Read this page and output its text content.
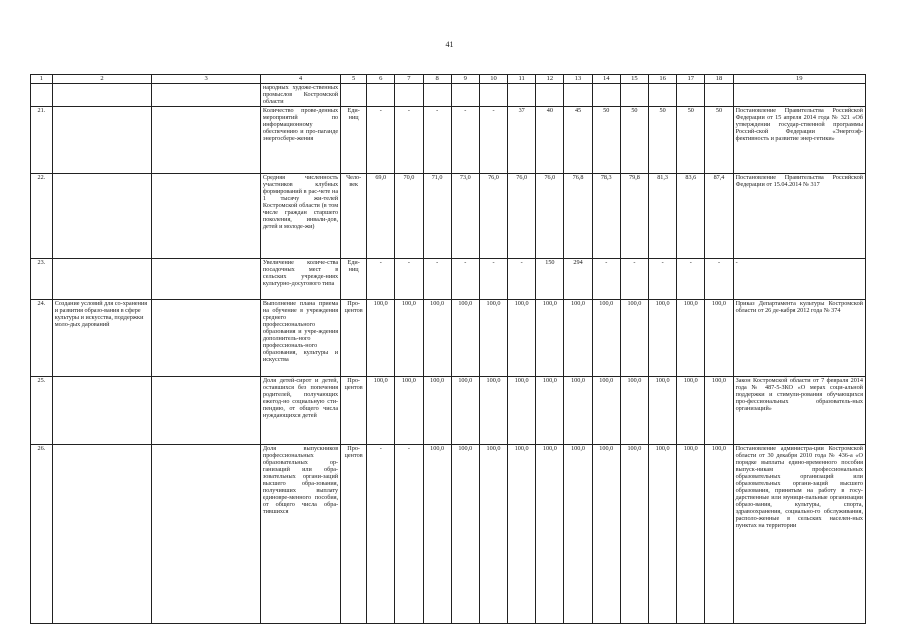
41
1	2	3	4	5	6	7	8	9	10	11	12	13	14	15	16	17	18	19
			народных художе-ственных промыслов Костромской области															
21.			Количество прове-денных мероприятий по информационному обеспечению и про-паганде энергосбере-жения	Еди-ниц	-	-	-	-	-	37	40	45	50	50	50	50	50	Постановление Правительства Российской Федерации от 15 апреля 2014 года № 321 «Об утверждении государ-ственной программы Россий-ской Федерации «Энергоэф-фективность и развитие энер-гетики»
22.			Средняя численность участников клубных формирований в рас-чете на 1 тысячу жи-телей Костромской области (в том числе граждан старшего поколения, инвали-дов, детей и молоде-жи)	Чело-век	69,0	70,0	71,0	73,0	76,0	76,0	76,0	76,8	78,3	79,8	81,3	83,6	87,4	Постановление Правительства Российской Федерации от 15.04.2014 № 317
23.			Увеличение количе-ства посадочных мест в сельских учрежде-ниях культурно-досугового типа	Еди-ниц	-	-	-	-	-	-	150	294	-	-	-	-	-	-
24.	Создание условий для со-хранения и развития образо-вания в сфере культуры и искусства, поддержки моло-дых дарований		Выполнение плана приема на обучение в учреждения среднего профессионального образования и учре-ждения дополнитель-ного профессиональ-ного образования, культуры и искусства	Про-центов	100,0	100,0	100,0	100,0	100,0	100,0	100,0	100,0	100,0	100,0	100,0	100,0	100,0	Приказ Департамента культуры Костромской области от 26 де-кабря 2012 года № 374
25.			Доля детей-сирот и детей, оставшихся без попечения родителей, получающих ежегод-но социальную сти-пендию, от общего числа нуждающихся детей	Про-центов	100,0	100,0	100,0	100,0	100,0	100,0	100,0	100,0	100,0	100,0	100,0	100,0	100,0	Закон Костромской области от 7 февраля 2014 года № 487-5-ЗКО «О мерах соци-альной поддержки и стимули-рования обучающихся про-фессиональных образователь-ных организаций»
26.			Доля выпускников профессиональных образовательных ор-ганизаций или обра-зовательных органи-заций высшего обра-зования, получивших выплату единовре-менного пособия, от общего числа обра-тившихся	Про-центов	-	-	100,0	100,0	100,0	100,0	100,0	100,0	100,0	100,0	100,0	100,0	100,0	Постановление администра-ции Костромской области от 30 декабря 2010 года № 436-а «О порядке выплаты едино-временного пособия выпуск-никам профессиональных образовательных организаций или образовательных органи-заций высшего образования, принятым на работу в госу-дарственные или муници-пальные организации образо-вания, культуры, спорта, здравоохранения, социально-го обслуживания, располо-женные в сельских населен-ных пунктах на территории
